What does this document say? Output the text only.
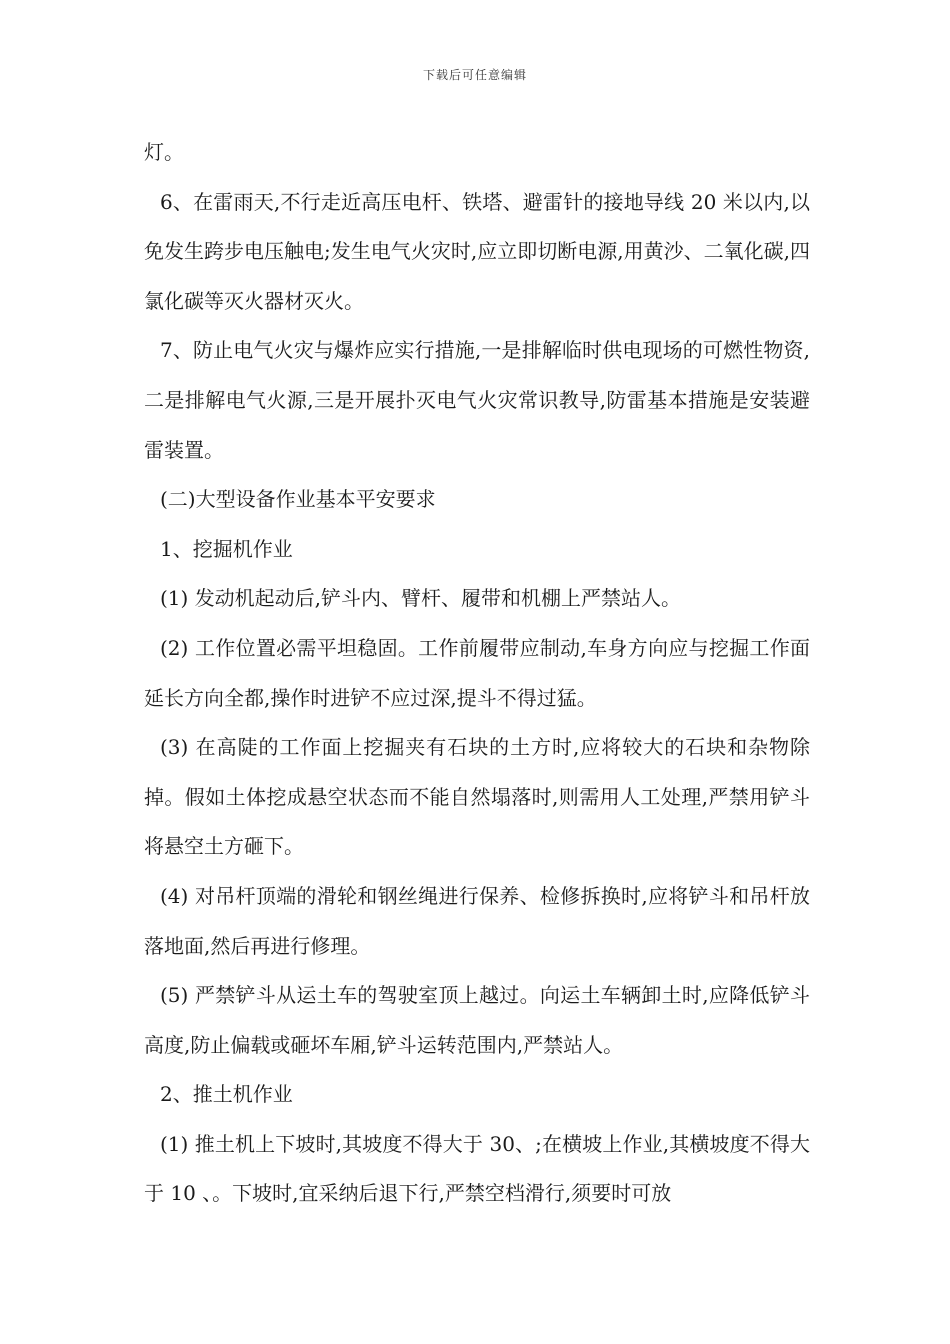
下载后可任意编辑

灯。

6、在雷雨天,不行走近高压电杆、铁塔、避雷针的接地导线 20 米以内,以免发生跨步电压触电;发生电气火灾时,应立即切断电源,用黄沙、二氧化碳,四氯化碳等灭火器材灭火。

7、防止电气火灾与爆炸应实行措施,一是排解临时供电现场的可燃性物资,二是排解电气火源,三是开展扑灭电气火灾常识教导,防雷基本措施是安装避雷装置。

(二)大型设备作业基本平安要求

1、挖掘机作业

(1) 发动机起动后,铲斗内、臂杆、履带和机棚上严禁站人。

(2) 工作位置必需平坦稳固。工作前履带应制动,车身方向应与挖掘工作面延长方向全都,操作时进铲不应过深,提斗不得过猛。

(3) 在高陡的工作面上挖掘夹有石块的土方时,应将较大的石块和杂物除掉。假如土体挖成悬空状态而不能自然塌落时,则需用人工处理,严禁用铲斗将悬空土方砸下。

(4) 对吊杆顶端的滑轮和钢丝绳进行保养、检修拆换时,应将铲斗和吊杆放落地面,然后再进行修理。

(5) 严禁铲斗从运土车的驾驶室顶上越过。向运土车辆卸土时,应降低铲斗高度,防止偏载或砸坏车厢,铲斗运转范围内,严禁站人。

2、推土机作业

(1) 推土机上下坡时,其坡度不得大于 30、;在横坡上作业,其横坡度不得大于 10 、。下坡时,宜采纳后退下行,严禁空档滑行,须要时可放
